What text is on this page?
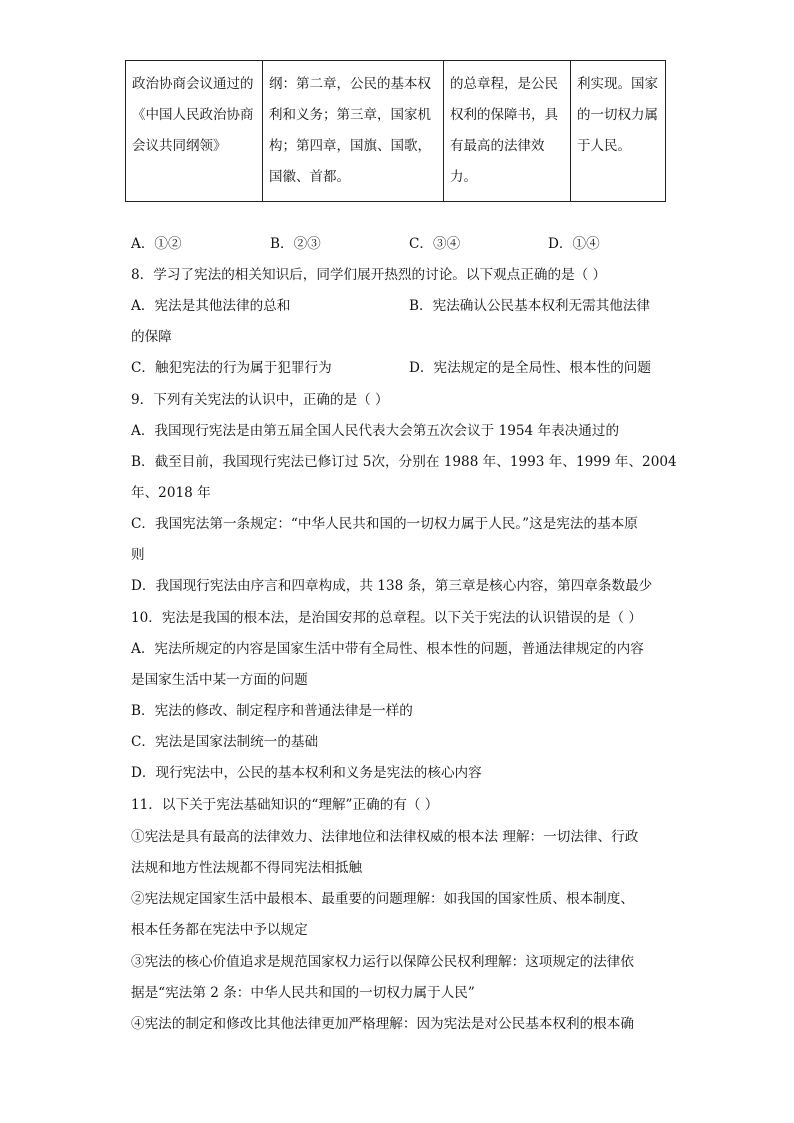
政治协商会议通过的《中国人民政治协商会议共同纲领》	纲：第二章，公民的基本权利和义务；第三章，国家机构；第四章，国旗、国歌，国徽、首都。	的总章程，是公民权利的保障书，具有最高的法律效力。	利实现。国家的一切权力属于人民。
A．①②	B．②③	C．③④	D．①④
8．学习了宪法的相关知识后，同学们展开热烈的讨论。以下观点正确的是（ ）
A．宪法是其他法律的总和	B．宪法确认公民基本权利无需其他法律
的保障
C．触犯宪法的行为属于犯罪行为	D．宪法规定的是全局性、根本性的问题
9．下列有关宪法的认识中，正确的是（ ）
A．我国现行宪法是由第五届全国人民代表大会第五次会议于 1954 年表决通过的
B．截至目前，我国现行宪法已修订过 5次，分别在 1988 年、1993 年、1999 年、2004
年、2018 年
C．我国宪法第一条规定：“中华人民共和国的一切权力属于人民。”这是宪法的基本原
则
D．我国现行宪法由序言和四章构成，共 138 条，第三章是核心内容，第四章条数最少
10．宪法是我国的根本法，是治国安邦的总章程。以下关于宪法的认识错误的是（ ）
A．宪法所规定的内容是国家生活中带有全局性、根本性的问题，普通法律规定的内容
是国家生活中某一方面的问题
B．宪法的修改、制定程序和普通法律是一样的
C．宪法是国家法制统一的基础
D．现行宪法中，公民的基本权利和义务是宪法的核心内容
11．以下关于宪法基础知识的“理解”正确的有（ ）
①宪法是具有最高的法律效力、法律地位和法律权威的根本法 理解：一切法律、行政
法规和地方性法规都不得同宪法相抵触
②宪法规定国家生活中最根本、最重要的问题理解：如我国的国家性质、根本制度、
根本任务都在宪法中予以规定
③宪法的核心价值追求是规范国家权力运行以保障公民权利理解：这项规定的法律依
据是“宪法第 2 条：中华人民共和国的一切权力属于人民”
④宪法的制定和修改比其他法律更加严格理解：因为宪法是对公民基本权利的根本确
